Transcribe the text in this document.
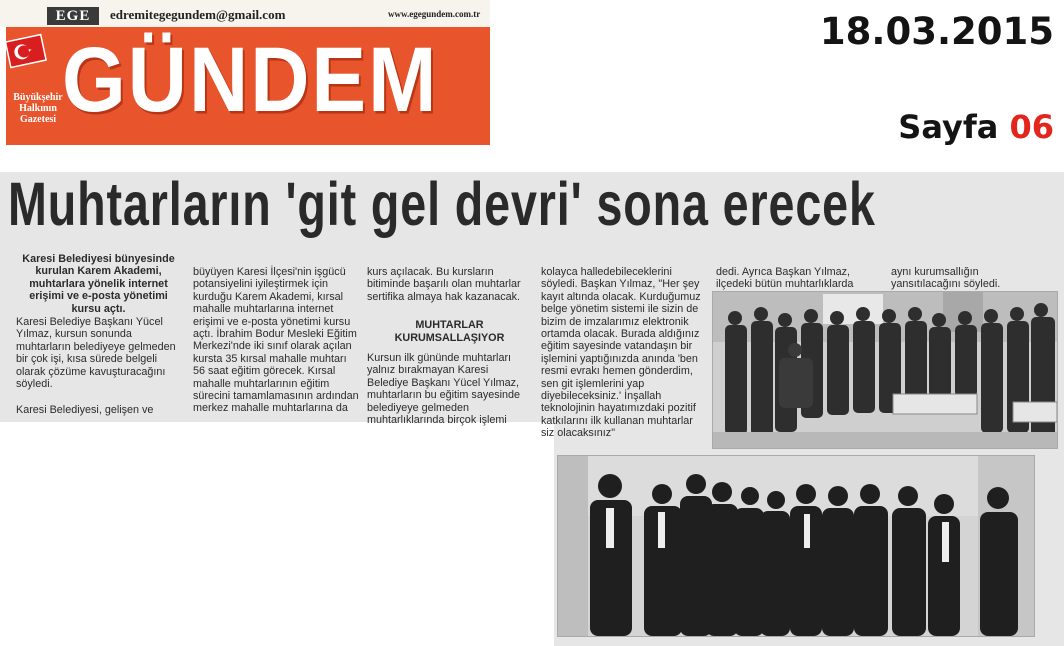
EGE	edremitegegundem@gmail.com	www.egegundem.com.tr
GÜNDEM
Büyükşehir Halkının Gazetesi
18.03.2015
Sayfa 06
Muhtarların 'git gel devri' sona erecek
Karesi Belediyesi bünyesinde kurulan Karem Akademi, muhtarlara yönelik internet erişimi ve e-posta yönetimi kursu açtı.
Karesi Belediye Başkanı Yücel Yılmaz, kursun sonunda muhtarların belediyeye gelmeden bir çok işi, kısa sürede belgeli olarak çözüme kavuşturacağını söyledi.
Karesi Belediyesi, gelişen ve
büyüyen Karesi İlçesi'nin işgücü potansiyelini iyileştirmek için kurduğu Karem Akademi, kırsal mahalle muhtarlarına internet erişimi ve e-posta yönetimi kursu açtı. İbrahim Bodur Mesleki Eğitim Merkezi'nde iki sınıf olarak açılan kursta 35 kırsal mahalle muhtarı 56 saat eğitim görecek. Kırsal mahalle muhtarlarının eğitim sürecini tamamlamasının ardından merkez mahalle muhtarlarına da
kurs açılacak. Bu kursların bitiminde başarılı olan muhtarlar sertifika almaya hak kazanacak.
MUHTARLAR KURUMSALLAŞIYOR
Kursun ilk gününde muhtarları yalnız bırakmayan Karesi Belediye Başkanı Yücel Yılmaz, muhtarların bu eğitim sayesinde belediyeye gelmeden muhtarlıklarında birçok işlemi
kolayca halledebileceklerini söyledi. Başkan Yılmaz, "Her şey kayıt altında olacak. Kurduğumuz belge yönetim sistemi ile sizin de bizim de imzalarımız elektronik ortamda olacak. Burada aldığınız eğitim sayesinde vatandaşın bir işlemini yaptığınızda anında 'ben resmi evrakı hemen gönderdim, sen git işlemlerini yap diyebileceksiniz.' İnşallah teknolojinin hayatımızdaki pozitif katkılarını ilk kullanan muhtarlar siz olacaksınız"
dedi. Ayrıca Başkan Yılmaz, ilçedeki bütün muhtarlıklarda
aynı kurumsallığın yansıtılacağını söyledi.
